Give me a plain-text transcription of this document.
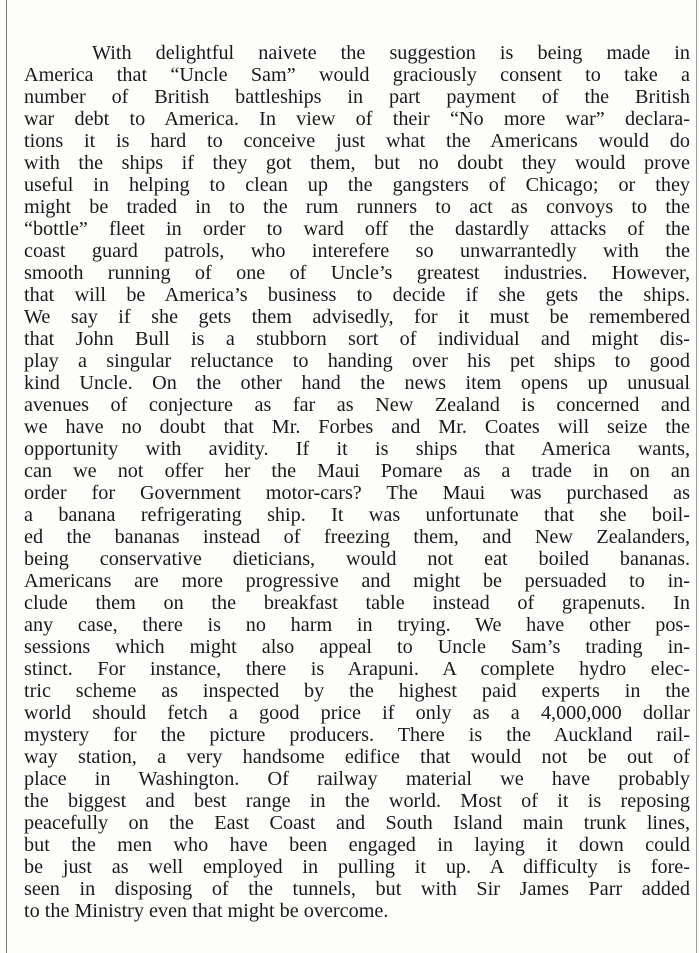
With delightful naivete the suggestion is being made in
America that “Uncle Sam” would graciously consent to take a
number of British battleships in part payment of the British
war debt to America. In view of their “No more war” declara-
tions it is hard to conceive just what the Americans would do
with the ships if they got them, but no doubt they would prove
useful in helping to clean up the gangsters of Chicago; or they
might be traded in to the rum runners to act as convoys to the
“bottle” fleet in order to ward off the dastardly attacks of the
coast guard patrols, who interefere so unwarrantedly with the
smooth running of one of Uncle’s greatest industries. However,
that will be America’s business to decide if she gets the ships.
We say if she gets them advisedly, for it must be remembered
that John Bull is a stubborn sort of individual and might dis-
play a singular reluctance to handing over his pet ships to good
kind Uncle. On the other hand the news item opens up unusual
avenues of conjecture as far as New Zealand is concerned and
we have no doubt that Mr. Forbes and Mr. Coates will seize the
opportunity with avidity. If it is ships that America wants,
can we not offer her the Maui Pomare as a trade in on an
order for Government motor-cars? The Maui was purchased as
a banana refrigerating ship. It was unfortunate that she boil-
ed the bananas instead of freezing them, and New Zealanders,
being conservative dieticians, would not eat boiled bananas.
Americans are more progressive and might be persuaded to in-
clude them on the breakfast table instead of grapenuts. In
any case, there is no harm in trying. We have other pos-
sessions which might also appeal to Uncle Sam’s trading in-
stinct. For instance, there is Arapuni. A complete hydro elec-
tric scheme as inspected by the highest paid experts in the
world should fetch a good price if only as a 4,000,000 dollar
mystery for the picture producers. There is the Auckland rail-
way station, a very handsome edifice that would not be out of
place in Washington. Of railway material we have probably
the biggest and best range in the world. Most of it is reposing
peacefully on the East Coast and South Island main trunk lines,
but the men who have been engaged in laying it down could
be just as well employed in pulling it up. A difficulty is fore-
seen in disposing of the tunnels, but with Sir James Parr added
to the Ministry even that might be overcome.
